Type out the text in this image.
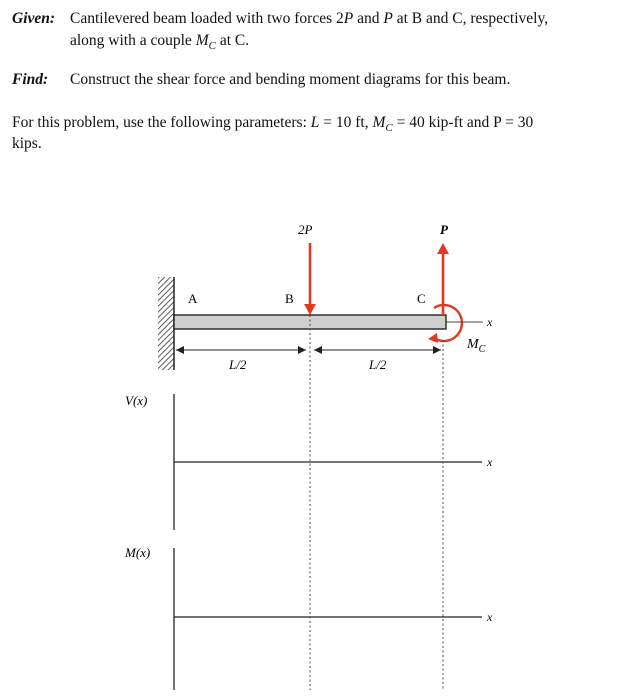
Given: Cantilevered beam loaded with two forces 2P and P at B and C, respectively,
along with a couple $M_C$ at C.
Find: Construct the shear force and bending moment diagrams for this beam.
For this problem, use the following parameters: L = 10 ft, $M_C = 40$ kip-ft and P = 30
kips.
A	B	C
2P	P
$M_C$
x
L/2	L/2
V(x)
x
M(x)
x
